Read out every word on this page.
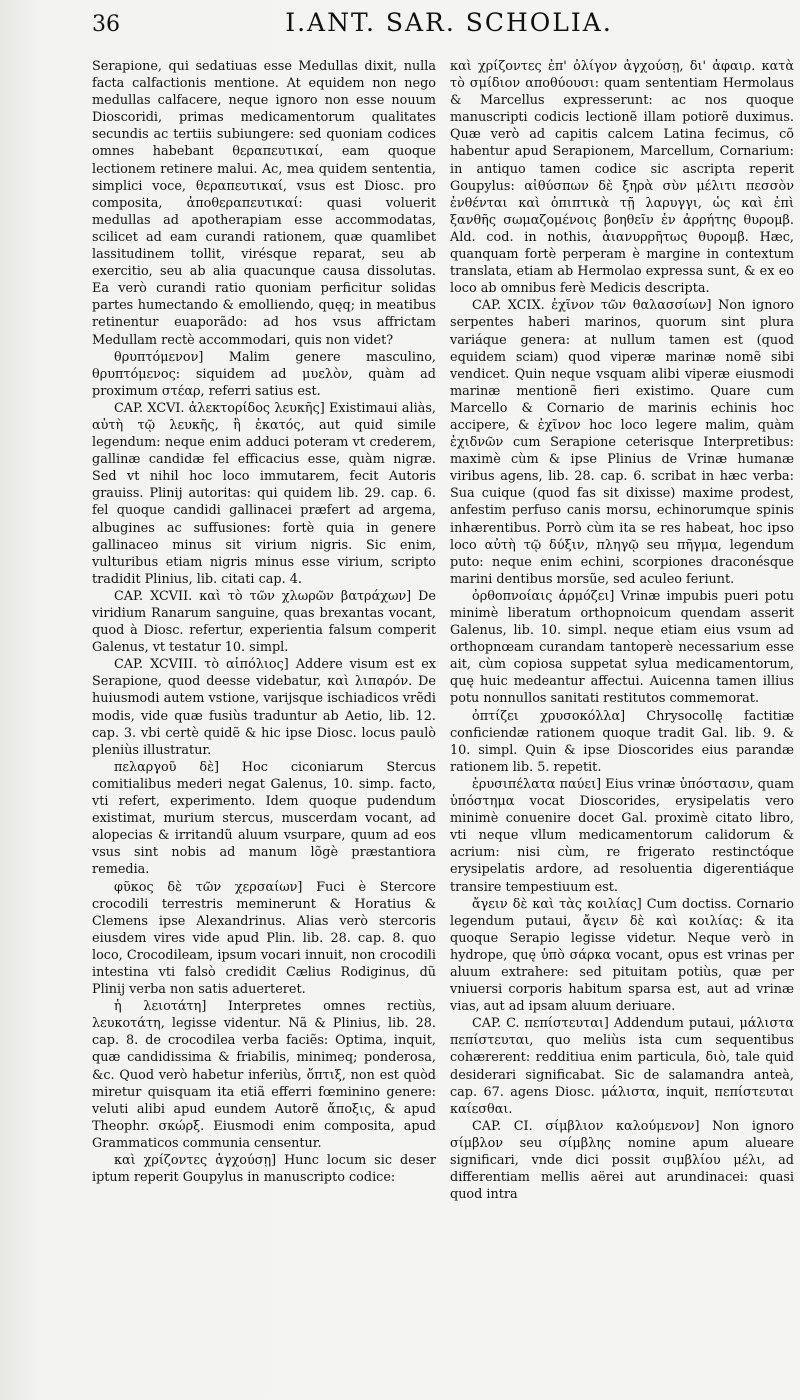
36	I.ANT. SAR. SCHOLIA.

Serapione, qui sedatiuas esse Medullas dixit, nulla facta calfactionis mentione. At equidem non nego medullas calfacere, neque ignoro non esse nouum Dioscoridi, primas medicamentorum qualitates secundis ac tertiis subiungere: sed quoniam codices omnes habebant θεραπευτικαί, eam quoque lectionem retinere malui. Ac, mea quidem sententia, simplici voce, θεραπευτικαί, vsus est Diosc. pro composita, ἀποθεραπευτικαί: quasi voluerit medullas ad apotherapiam esse accommodatas, scilicet ad eam curandi rationem, quæ quamlibet lassitudinem tollit, virésque reparat, seu ab exercitio, seu ab alia quacunque causa dissolutas. Ea verò curandi ratio quoniam perficitur solidas partes humectando & emolliendo, quęq; in meatibus retinentur euaporãdo: ad hos vsus affrictam Medullam rectè accommodari, quis non videt?

θρυπτόμενον] Malim genere masculino, θρυπτόμενος: siquidem ad μυελὸν, quàm ad proximum στέαρ, referri satius est.

CAP. XCVI. ἀλεκτορίδος λευκῆς] Existimaui aliàs, αὐτὴ τῷ λευκῆς, ἢ ἑκατός, aut quid simile legendum: neque enim adduci poteram vt crederem, gallinæ candidæ fel efficacius esse, quàm nigræ. Sed vt nihil hoc loco immutarem, fecit Autoris grauiss. Plinij autoritas: qui quidem lib. 29. cap. 6. fel quoque candidi gallinacei præfert ad argema, albugines ac suffusiones: fortè quia in genere gallinaceo minus sit virium nigris. Sic enim, vulturibus etiam nigris minus esse virium, scripto tradidit Plinius, lib. citati cap. 4.

CAP. XCVII. καὶ τὸ τῶν χλωρῶν βατράχων] De viridium Ranarum sanguine, quas brexantas vocant, quod à Diosc. refertur, experientia falsum comperit Galenus, vt testatur 10. simpl.

CAP. XCVIII. τὸ αἰπόλιος] Addere visum est ex Serapione, quod deesse videbatur, καὶ λιπαρόν. De huiusmodi autem vstione, varijsque ischiadicos vrẽdi modis, vide quæ fusiùs traduntur ab Aetio, lib. 12. cap. 3. vbi certè quidẽ & hic ipse Diosc. locus paulò pleniùs illustratur.

πελαργοῦ δὲ] Hoc ciconiarum Stercus comitialibus mederi negat Galenus, 10. simp. facto, vti refert, experimento. Idem quoque pudendum existimat, murium stercus, muscerdam vocant, ad alopecias & irritandũ aluum vsurpare, quum ad eos vsus sint nobis ad manum lõgè præstantiora remedia.

φῦκος δὲ τῶν χερσαίων] Fuci è Stercore crocodili terrestris meminerunt & Horatius & Clemens ipse Alexandrinus. Alias verò stercoris eiusdem vires vide apud Plin. lib. 28. cap. 8. quo loco, Crocodileam, ipsum vocari innuit, non crocodili intestina vti falsò credidit Cælius Rodiginus, dũ Plinij verba non satis aduerteret.

ἡ λειοτάτη] Interpretes omnes rectiùs, λευκοτάτη, legisse videntur. Nã & Plinius, lib. 28. cap. 8. de crocodilea verba faciẽs: Optima, inquit, quæ candidissima & friabilis, minimeq; ponderosa, &c. Quod verò habetur inferiùs, ὄπτιξ, non est quòd miretur quisquam ita etiã efferri fœminino genere: veluti alibi apud eundem Autorẽ ἄποξις, & apud Theophr. σκώρξ. Eiusmodi enim composita, apud Grammaticos communia censentur.

καὶ χρίζοντες ἀγχούσῃ] Hunc locum sic deser iptum reperit Goupylus in manuscripto codice:

καὶ χρίζοντες ἐπ' ὀλίγον ἀγχούσῃ, δι' ἀφαιρ. κατὰ τὸ σμίδιον αποθύουσι: quam sententiam Hermolaus & Marcellus expresserunt: ac nos quoque manuscripti codicis lectionẽ illam potiorẽ duximus. Quæ verò ad capitis calcem Latina fecimus, cõ habentur apud Serapionem, Marcellum, Cornarium: in antiquo tamen codice sic ascripta reperit Goupylus: αἰθύσπων δὲ ξηρὰ σὺν μέλιτι πεσσὸν ἐνθένται καὶ ὀπιπτικὰ τῇ λαρυγγι, ὡς καὶ ἐπὶ ξανθῆς σωμαζομένοις βοηθεῖν ἐν ἀρρήτης θυρομβ. Ald. cod. in nothis, ἀιανυρρῆτως θυρομβ. Hæc, quanquam fortè perperam è margine in contextum translata, etiam ab Hermolao expressa sunt, & ex eo loco ab omnibus ferè Medicis descripta.

CAP. XCIX. ἐχῖνον τῶν θαλασσίων] Non ignoro serpentes haberi marinos, quorum sint plura variáque genera: at nullum tamen est (quod equidem sciam) quod viperæ marinæ nomẽ sibi vendicet. Quin neque vsquam alibi viperæ eiusmodi marinæ mentionẽ fieri existimo. Quare cum Marcello & Cornario de marinis echinis hoc accipere, & ἐχῖνον hoc loco legere malim, quàm ἐχιδνῶν cum Serapione ceterisque Interpretibus: maximè cùm & ipse Plinius de Vrinæ humanæ viribus agens, lib. 28. cap. 6. scribat in hæc verba: Sua cuique (quod fas sit dixisse) maxime prodest, anfestim perfuso canis morsu, echinorumque spinis inhærentibus. Porrò cùm ita se res habeat, hoc ipso loco αὐτὴ τῷ δύξιν, πληγῷ seu πῆγμα, legendum puto: neque enim echini, scorpiones draconésque marini dentibus morsũe, sed aculeo feriunt.

ὀρθοπνοίαις ἁρμόζει] Vrinæ impubis pueri potu minimè liberatum orthopnoicum quendam asserit Galenus, lib. 10. simpl. neque etiam eius vsum ad orthopnœam curandam tantoperè necessarium esse ait, cùm copiosa suppetat sylua medicamentorum, quę huic medeantur affectui. Auicenna tamen illius potu nonnullos sanitati restitutos commemorat.

ὀπτίζει χρυσοκόλλα] Chrysocollę factitiæ conficiendæ rationem quoque tradit Gal. lib. 9. & 10. simpl. Quin & ipse Dioscorides eius parandæ rationem lib. 5. repetit.

ἐρυσιπέλατα παύει] Eius vrinæ ὑπόστασιν, quam ὑπόστημα vocat Dioscorides, erysipelatis vero minimè conuenire docet Gal. proximè citato libro, vti neque vllum medicamentorum calidorum & acrium: nisi cùm, re frigerato restinctóque erysipelatis ardore, ad resoluentia digerentiáque transire tempestiuum est.

ἄγειν δὲ καὶ τὰς κοιλίας] Cum doctiss. Cornario legendum putaui, ἄγειν δὲ καὶ κοιλίας: & ita quoque Serapio legisse videtur. Neque verò in hydrope, quę ὑπὸ σάρκα vocant, opus est vrinas per aluum extrahere: sed pituitam potiùs, quæ per vniuersi corporis habitum sparsa est, aut ad vrinæ vias, aut ad ipsam aluum deriuare.

CAP. C. πεπίστευται] Addendum putaui, μάλιστα πεπίστευται, quo meliùs ista cum sequentibus cohærerent: redditiua enim particula, διὸ, tale quid desiderari significabat. Sic de salamandra anteà, cap. 67. agens Diosc. μάλιστα, inquit, πεπίστευται καίεσθαι.

CAP. CI. σίμβλιον καλούμενον] Non ignoro σίμβλον seu σίμβλης nomine apum alueare significari, vnde dici possit σιμβλίου μέλι, ad differentiam mellis aërei aut arundinacei: quasi quod intra
